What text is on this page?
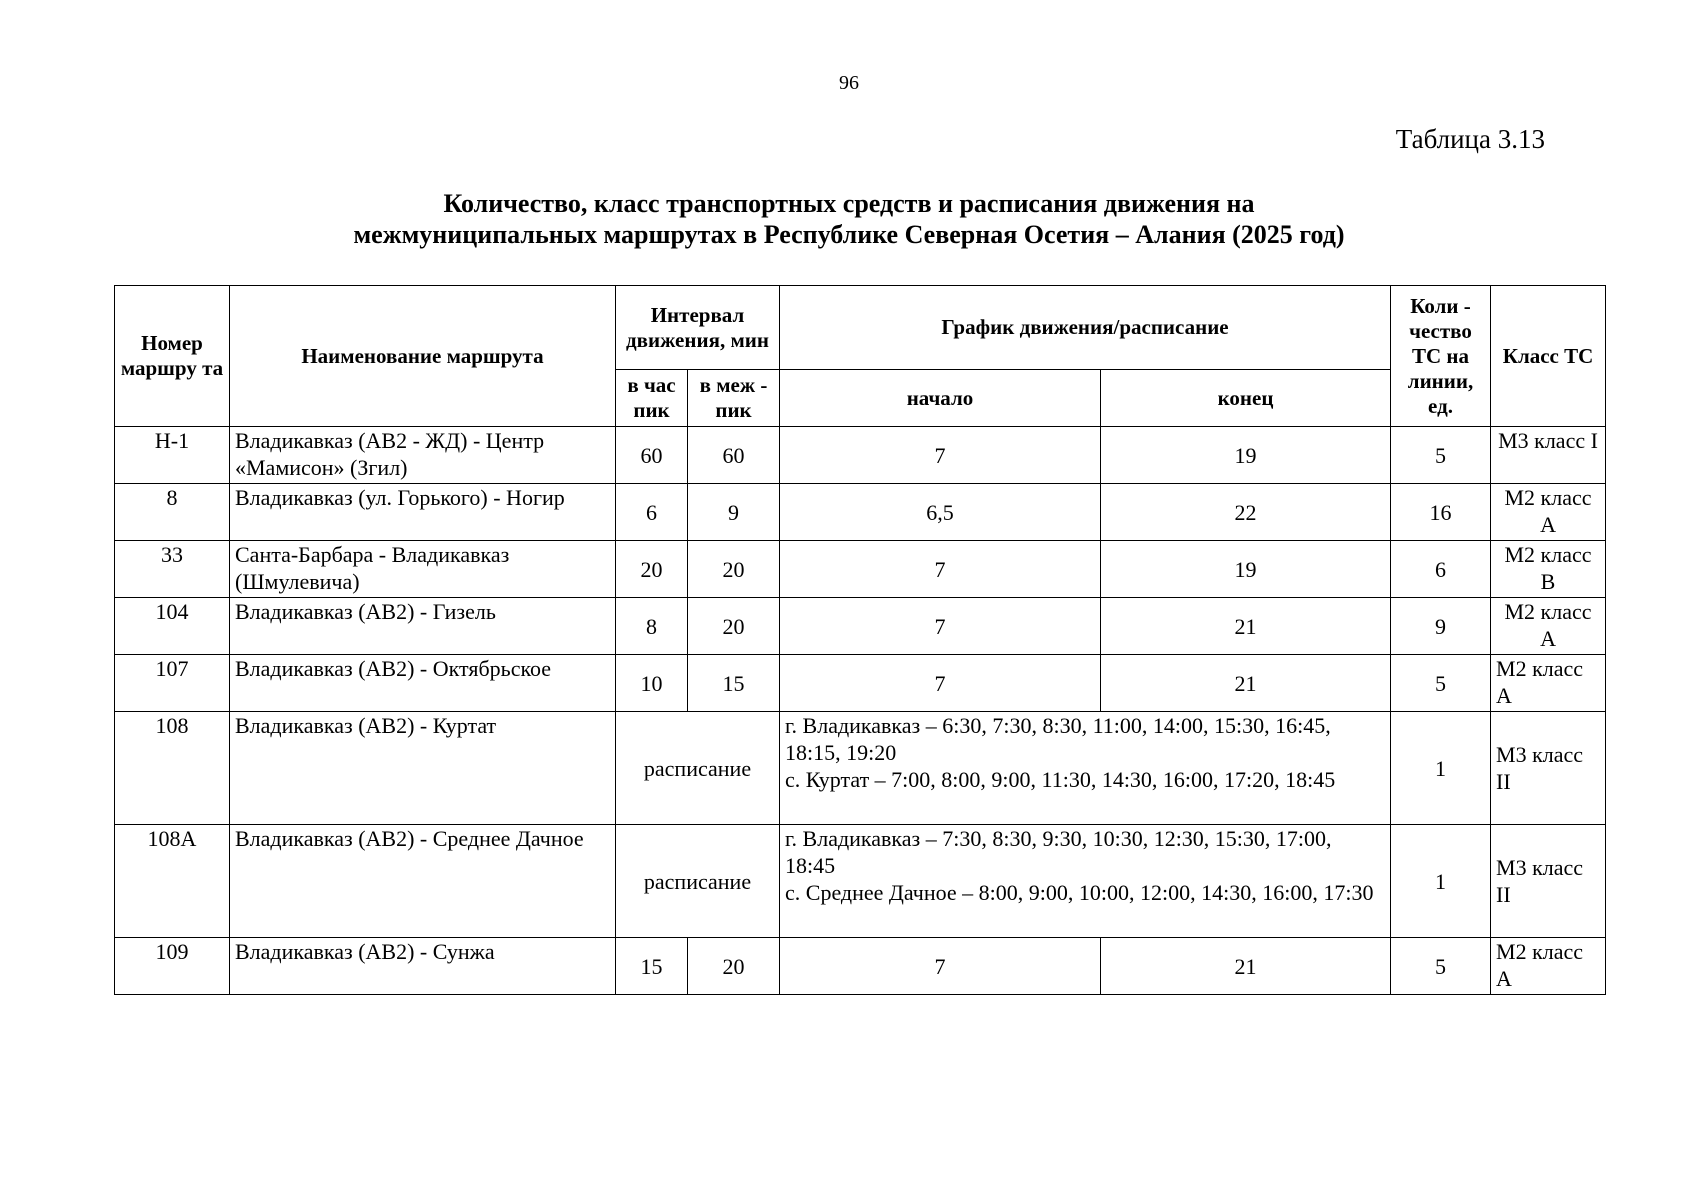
96
Таблица 3.13
Количество, класс транспортных средств и расписания движения на
межмуниципальных маршрутах в Республике Северная Осетия – Алания (2025 год)
Номер маршру та	Наименование маршрута	Интервал движения, мин		График движения/расписание		Коли - чество ТС на линии, ед.	Класс ТС
		в час пик	в меж - пик	начало	конец		
Н-1	Владикавказ (АВ2 - ЖД) - Центр «Мамисон» (Згил)	60	60	7	19	5	М3 класс I
8	Владикавказ (ул. Горького) - Ногир	6	9	6,5	22	16	М2 класс А
33	Санта-Барбара - Владикавказ (Шмулевича)	20	20	7	19	6	М2 класс В
104	Владикавказ (АВ2) - Гизель	8	20	7	21	9	М2 класс А
107	Владикавказ (АВ2) - Октябрьское	10	15	7	21	5	М2 класс А
108	Владикавказ (АВ2) - Куртат	расписание		г. Владикавказ – 6:30, 7:30, 8:30, 11:00, 14:00, 15:30, 16:45, 18:15, 19:20
с. Куртат – 7:00, 8:00, 9:00, 11:30, 14:30, 16:00, 17:20, 18:45		1	М3 класс II
108А	Владикавказ (АВ2) - Среднее Дачное	расписание		г. Владикавказ – 7:30, 8:30, 9:30, 10:30, 12:30, 15:30, 17:00, 18:45
с. Среднее Дачное – 8:00, 9:00, 10:00, 12:00, 14:30, 16:00, 17:30		1	М3 класс II
109	Владикавказ (АВ2) - Сунжа	15	20	7	21	5	М2 класс А
